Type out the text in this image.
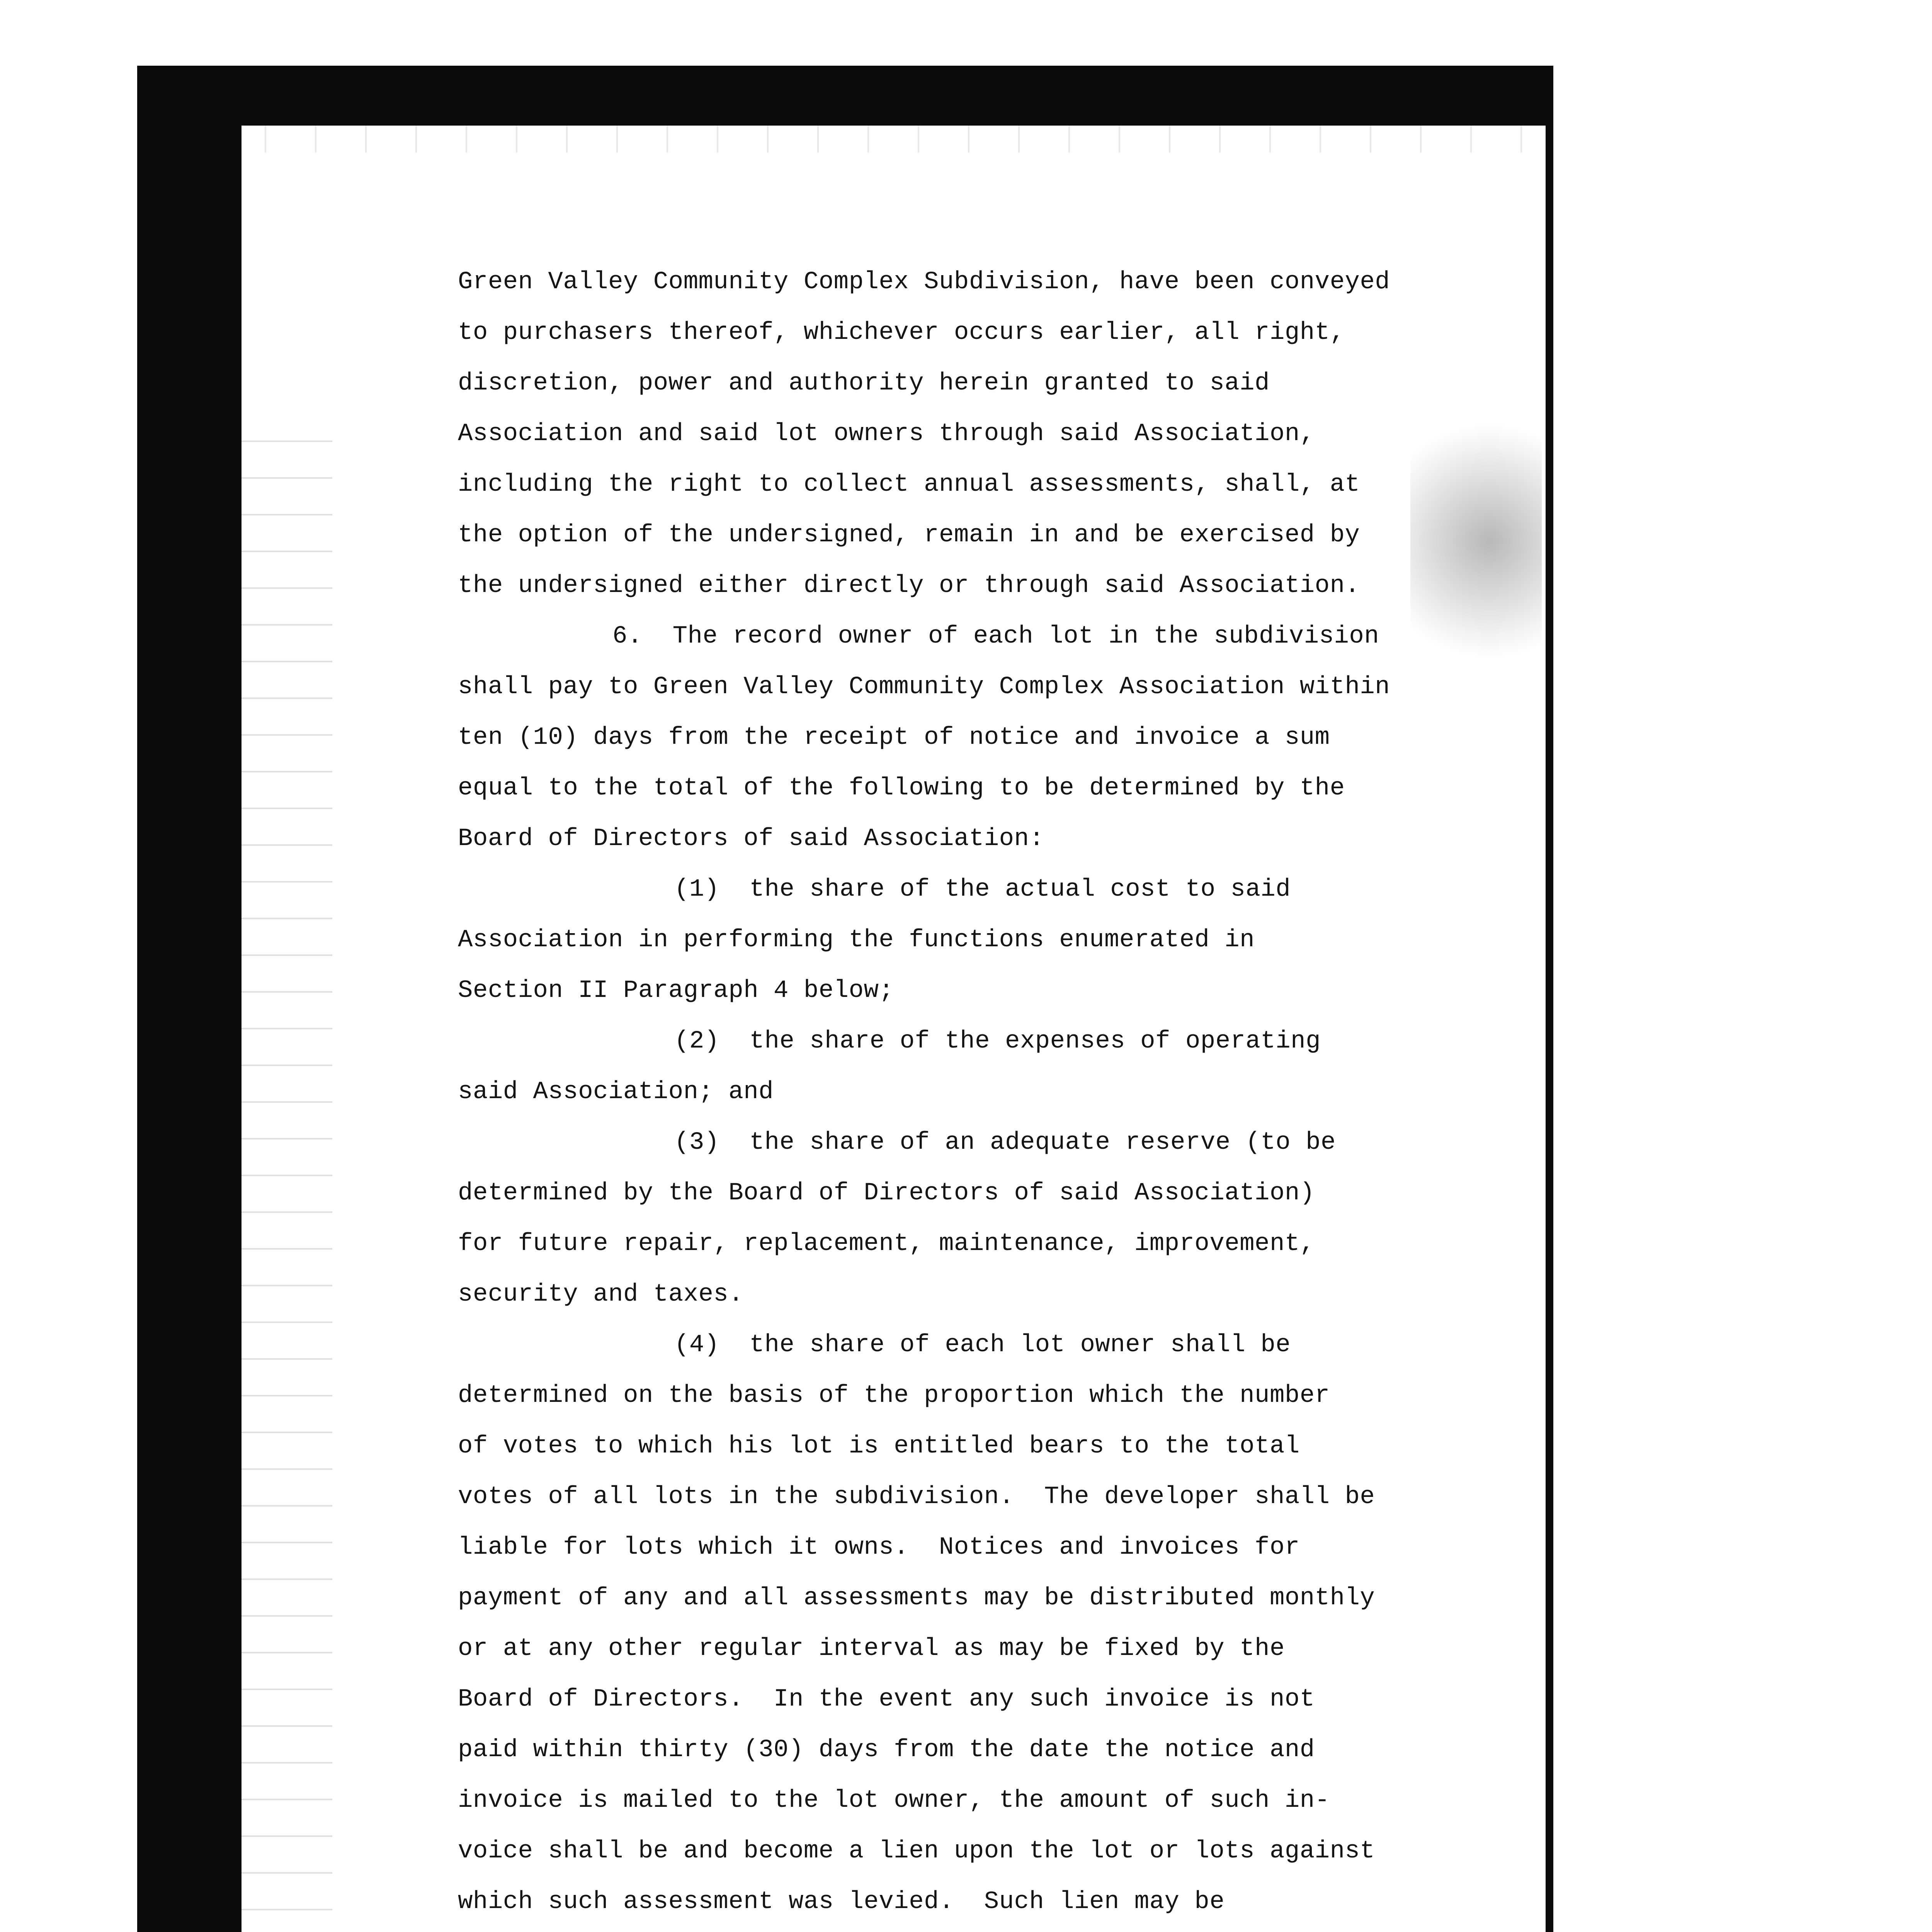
Green Valley Community Complex Subdivision, have been conveyed
to purchasers thereof, whichever occurs earlier, all right,
discretion, power and authority herein granted to said
Association and said lot owners through said Association,
including the right to collect annual assessments, shall, at
the option of the undersigned, remain in and be exercised by
the undersigned either directly or through said Association.
6.  The record owner of each lot in the subdivision
shall pay to Green Valley Community Complex Association within
ten (10) days from the receipt of notice and invoice a sum
equal to the total of the following to be determined by the
Board of Directors of said Association:
(1)  the share of the actual cost to said
Association in performing the functions enumerated in
Section II Paragraph 4 below;
(2)  the share of the expenses of operating
said Association; and
(3)  the share of an adequate reserve (to be
determined by the Board of Directors of said Association)
for future repair, replacement, maintenance, improvement,
security and taxes.
(4)  the share of each lot owner shall be
determined on the basis of the proportion which the number
of votes to which his lot is entitled bears to the total
votes of all lots in the subdivision.  The developer shall be
liable for lots which it owns.  Notices and invoices for
payment of any and all assessments may be distributed monthly
or at any other regular interval as may be fixed by the
Board of Directors.  In the event any such invoice is not
paid within thirty (30) days from the date the notice and
invoice is mailed to the lot owner, the amount of such in-
voice shall be and become a lien upon the lot or lots against
which such assessment was levied.  Such lien may be
